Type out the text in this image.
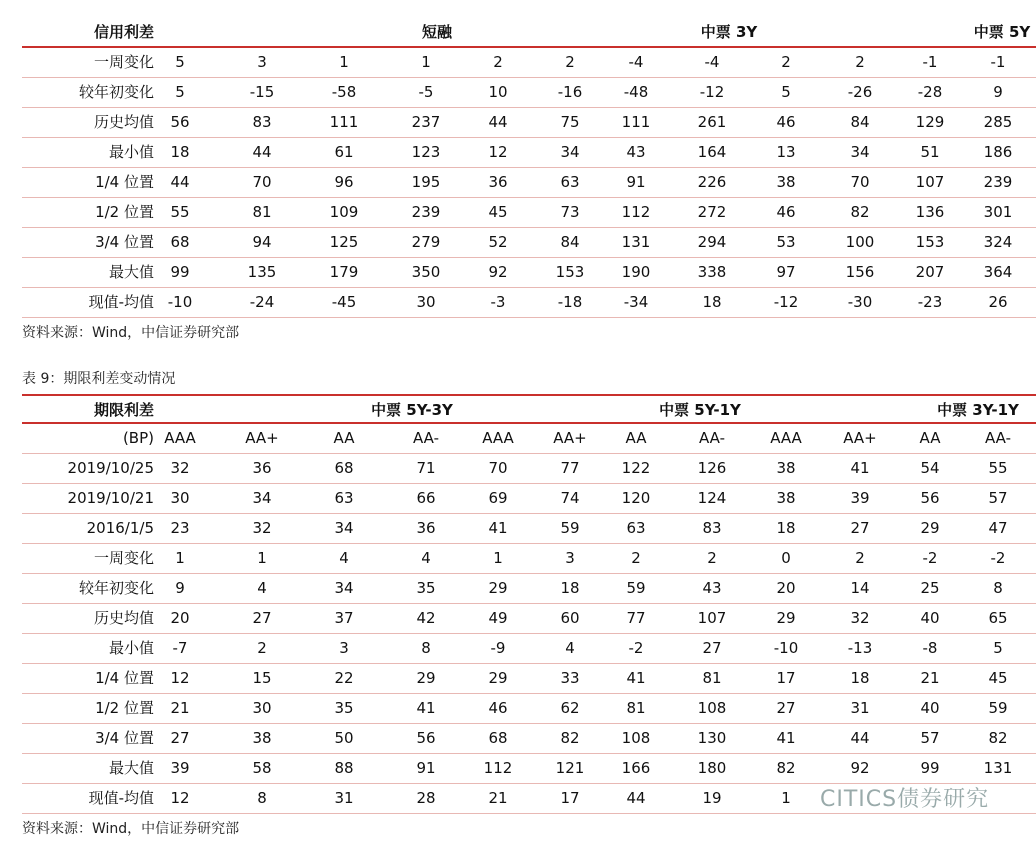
信用利差	短融	中票 3Y	中票 5Y
一周变化	5	3	1	1	2	2	-4	-4	2	2	-1	-1
较年初变化	5	-15	-58	-5	10	-16	-48	-12	5	-26	-28	9
历史均值	56	83	111	237	44	75	111	261	46	84	129	285
最小值	18	44	61	123	12	34	43	164	13	34	51	186
1/4 位置	44	70	96	195	36	63	91	226	38	70	107	239
1/2 位置	55	81	109	239	45	73	112	272	46	82	136	301
3/4 位置	68	94	125	279	52	84	131	294	53	100	153	324
最大值	99	135	179	350	92	153	190	338	97	156	207	364
现值-均值 -10	-24	-45	30	-3	-18	-34	18	-12	-30	-23	26
资料来源：Wind，中信证券研究部
表 9：期限利差变动情况
期限利差	中票 5Y-3Y	中票 5Y-1Y	中票 3Y-1Y
(BP) AAA	AA+	AA	AA-	AAA	AA+	AA	AA-	AAA	AA+	AA	AA-
2019/10/25	32	36	68	71	70	77	122	126	38	41	54	55
2019/10/21	30	34	63	66	69	74	120	124	38	39	56	57
2016/1/5	23	32	34	36	41	59	63	83	18	27	29	47
一周变化	1	1	4	4	1	3	2	2	0	2	-2	-2
较年初变化	9	4	34	35	29	18	59	43	20	14	25	8
历史均值	20	27	37	42	49	60	77	107	29	32	40	65
最小值	-7	2	3	8	-9	4	-2	27	-10	-13	-8	5
1/4 位置	12	15	22	29	29	33	41	81	17	18	21	45
1/2 位置	21	30	35	41	46	62	81	108	27	31	40	59
3/4 位置	27	38	50	56	68	82	108	130	41	44	57	82
最大值	39	58	88	91	112	121	166	180	82	92	99	131
现值-均值	12	8	31	28	21	17	44	19	1
资料来源：Wind，中信证券研究部
CITICS债券研究
